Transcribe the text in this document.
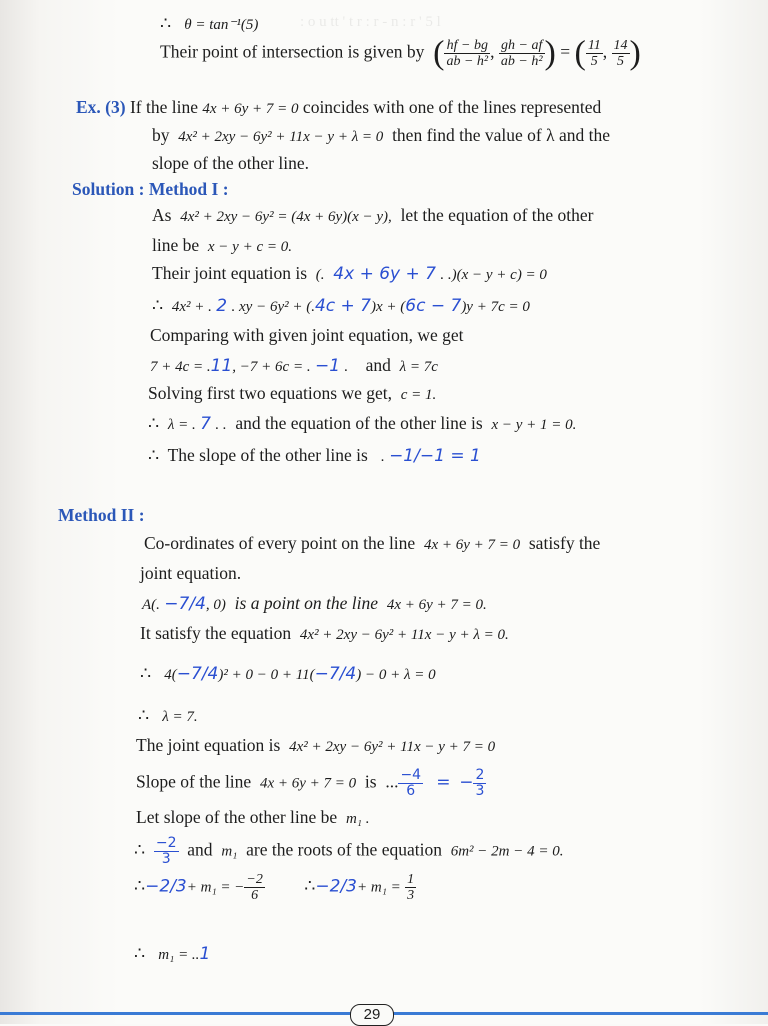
: o u tt ' t r : r - n : r ' 5 l
∴ θ = tan⁻¹(5)
Their point of intersection is given by ( $\frac{hf - bg}{\text{ab − h²}}$ , $\frac{gh - af}{\text{ab − h²}}$ ) = ( $\frac{11}{5}$ , $\frac{14}{5}$ )
Ex. (3) If the line 4x + 6y + 7 = 0 coincides with one of the lines represented
by 4x² + 2xy − 6y² + 11x − y + λ = 0 then find the value of λ and the
slope of the other line.
Solution : Method I :
As 4x² + 2xy − 6y² = (4x + 6y)(x − y), let the equation of the other
line be x − y + c = 0.
Their joint equation is (. 4x + 6y + 7 . .)(x − y + c) = 0
∴ 4x² + . 2 . xy − 6y² + (.4c + 7)x + (6c − 7)y + 7c = 0
Comparing with given joint equation, we get
7 + 4c = .11, −7 + 6c = . −1 . and λ = 7c
Solving first two equations we get, c = 1.
∴ λ = . 7 . . and the equation of the other line is x − y + 1 = 0.
∴ The slope of the other line is . −1/−1 = 1
Method II :
Co-ordinates of every point on the line 4x + 6y + 7 = 0 satisfy the
joint equation.
A(. −7/4, 0) is a point on the line 4x + 6y + 7 = 0.
It satisfy the equation 4x² + 2xy − 6y² + 11x − y + λ = 0.
∴ 4(−7/4)² + 0 − 0 + 11(−7/4) − 0 + λ = 0
∴ λ = 7.
The joint equation is 4x² + 2xy − 6y² + 11x − y + 7 = 0
Slope of the line 4x + 6y + 7 = 0 is ... $\frac{-4}{6}$ = − $\frac{2}{3}$
Let slope of the other line be m₁ .
∴ $\frac{-2}{3}$ and m₁ are the roots of the equation 6m² − 2m − 4 = 0.
∴−2/3+ m₁ = − $\frac{-2}{6}$ ∴−2/3+ $m_1 = \frac{1}{3}$
∴ m₁ = ..1
29
